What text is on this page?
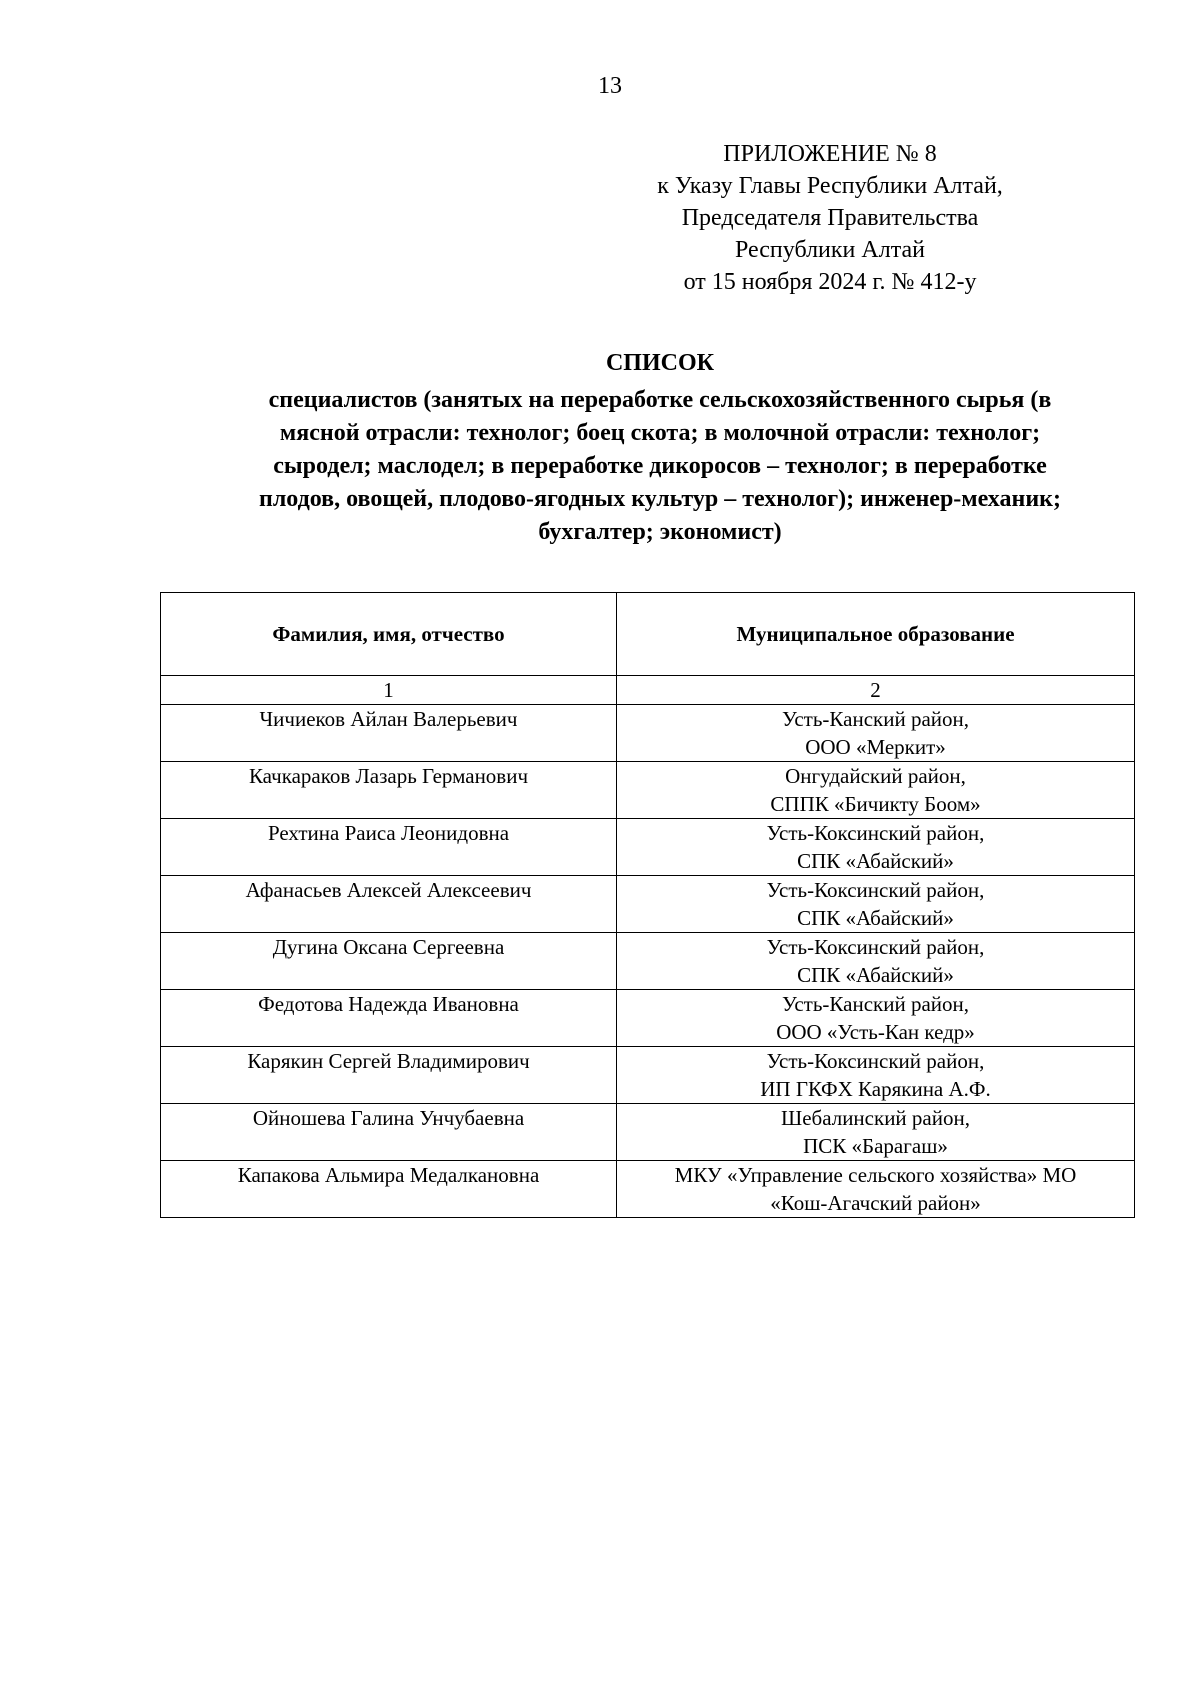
13
ПРИЛОЖЕНИЕ № 8
к Указу Главы Республики Алтай,
Председателя Правительства
Республики Алтай
от 15 ноября 2024 г. № 412-у
СПИСОК
специалистов (занятых на переработке сельскохозяйственного сырья (в
мясной отрасли: технолог; боец скота; в молочной отрасли: технолог;
сыродел; маслодел; в переработке дикоросов – технолог; в переработке
плодов, овощей, плодово-ягодных культур – технолог); инженер-механик;
бухгалтер; экономист)
Фамилия, имя, отчество	Муниципальное образование
1	2

Чичиеков Айлан Валерьевич	Усть-Канский район,
ООО «Меркит»

Качкараков Лазарь Германович	Онгудайский район,
СППК «Бичикту Боом»

Рехтина Раиса Леонидовна	Усть-Коксинский район,
СПК «Абайский»

Афанасьев Алексей Алексеевич	Усть-Коксинский район,
СПК «Абайский»

Дугина Оксана Сергеевна	Усть-Коксинский район,
СПК «Абайский»

Федотова Надежда Ивановна	Усть-Канский район,
ООО «Усть-Кан кедр»

Карякин Сергей Владимирович	Усть-Коксинский район,
ИП ГКФХ Карякина А.Ф.

Ойношева Галина Унчубаевна	Шебалинский район,
ПСК «Барагаш»

Капакова Альмира Медалкановна	МКУ «Управление сельского хозяйства» МО
«Кош-Агачский район»
